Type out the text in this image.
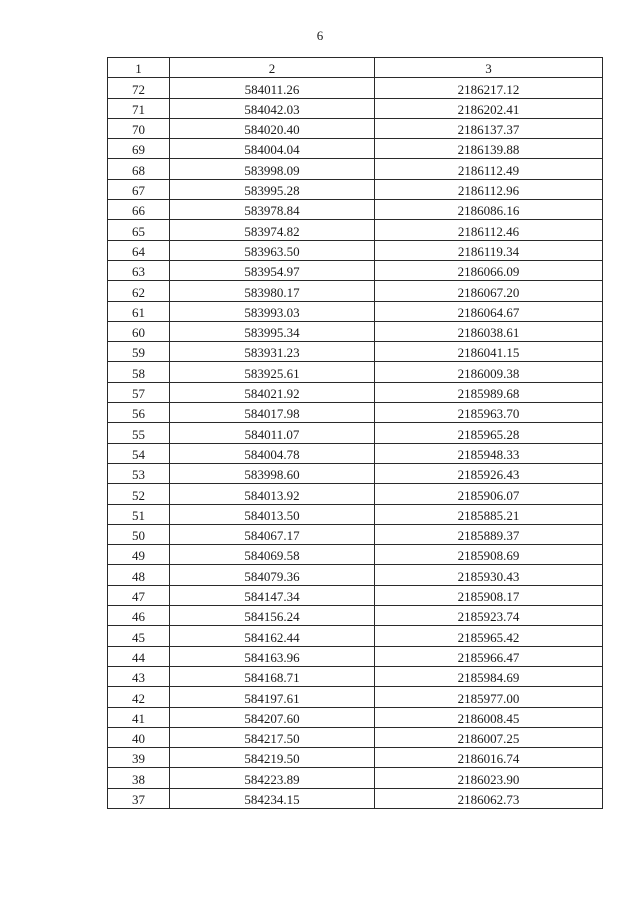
6
1	2	3
72	584011.26	2186217.12
71	584042.03	2186202.41
70	584020.40	2186137.37
69	584004.04	2186139.88
68	583998.09	2186112.49
67	583995.28	2186112.96
66	583978.84	2186086.16
65	583974.82	2186112.46
64	583963.50	2186119.34
63	583954.97	2186066.09
62	583980.17	2186067.20
61	583993.03	2186064.67
60	583995.34	2186038.61
59	583931.23	2186041.15
58	583925.61	2186009.38
57	584021.92	2185989.68
56	584017.98	2185963.70
55	584011.07	2185965.28
54	584004.78	2185948.33
53	583998.60	2185926.43
52	584013.92	2185906.07
51	584013.50	2185885.21
50	584067.17	2185889.37
49	584069.58	2185908.69
48	584079.36	2185930.43
47	584147.34	2185908.17
46	584156.24	2185923.74
45	584162.44	2185965.42
44	584163.96	2185966.47
43	584168.71	2185984.69
42	584197.61	2185977.00
41	584207.60	2186008.45
40	584217.50	2186007.25
39	584219.50	2186016.74
38	584223.89	2186023.90
37	584234.15	2186062.73
